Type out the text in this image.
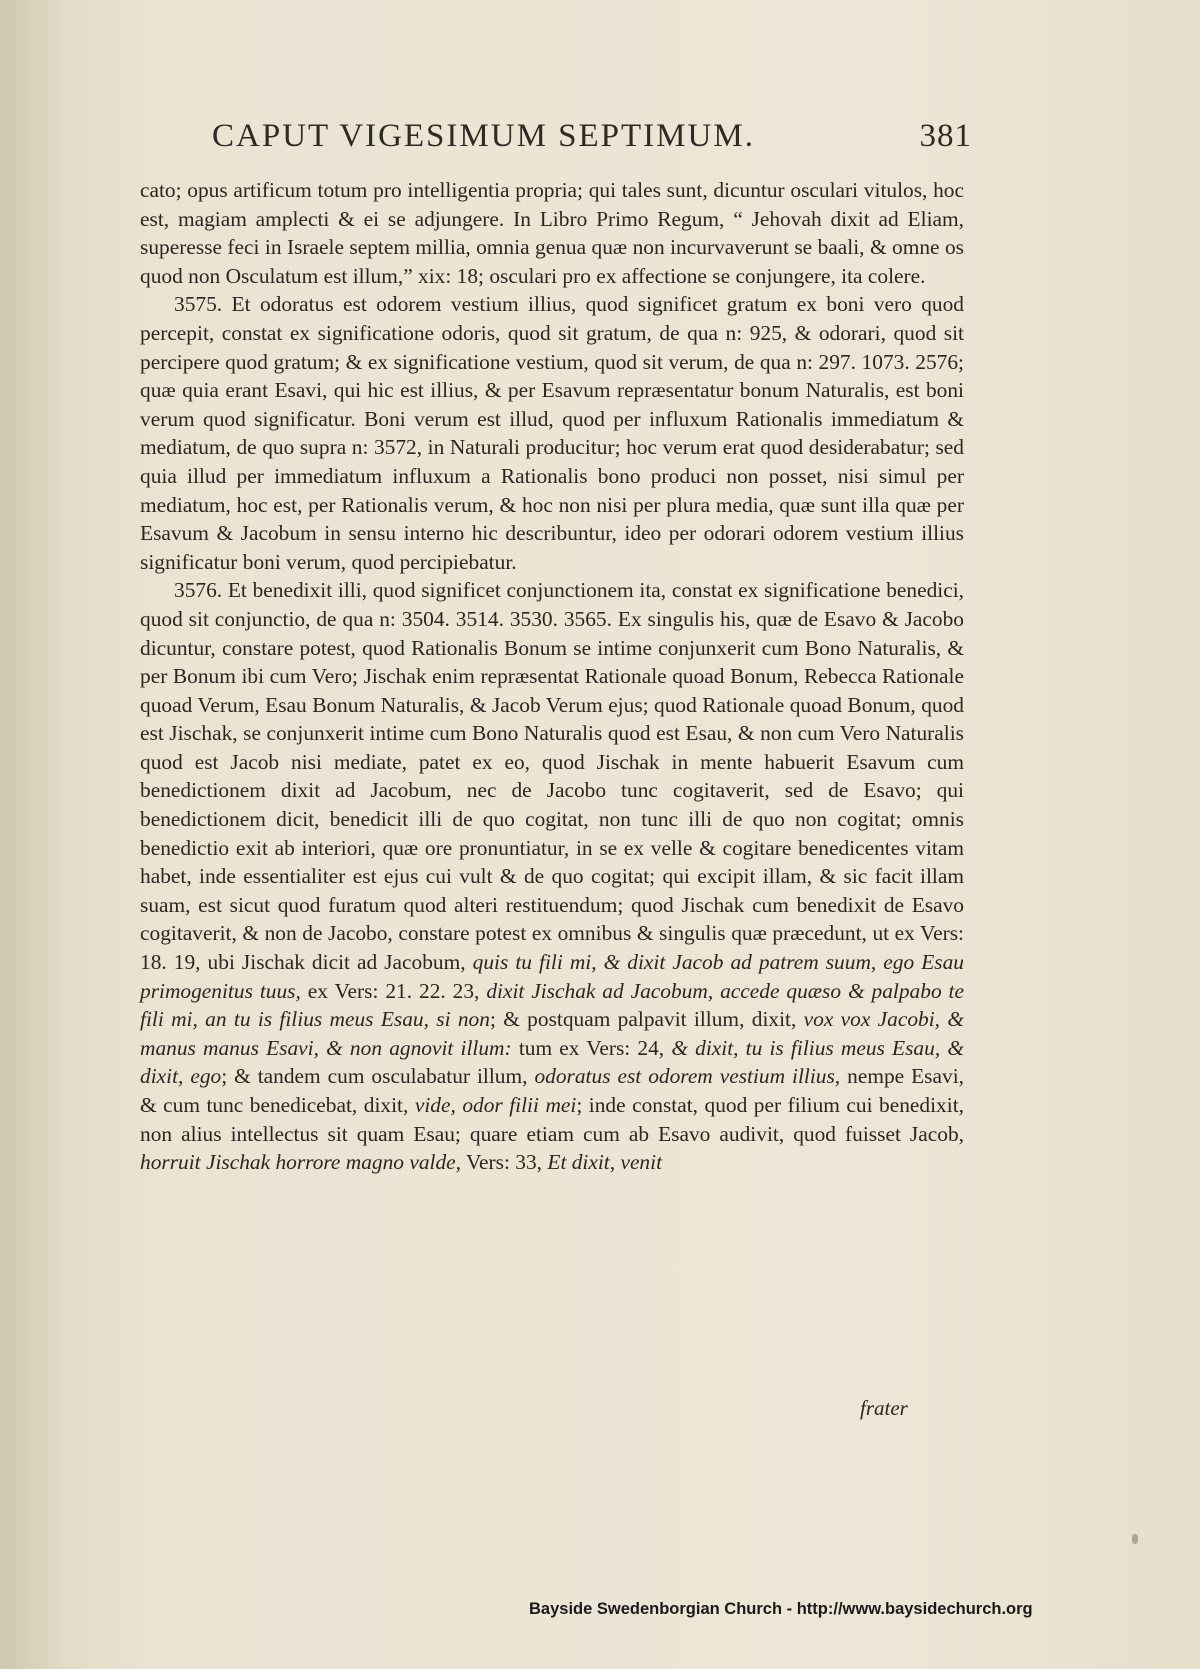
CAPUT VIGESIMUM SEPTIMUM.	381

cato; opus artificum totum pro intelligentia propria; qui tales sunt, dicuntur osculari vitulos, hoc est, magiam amplecti & ei se adjungere. In Libro Primo Regum, “ Jehovah dixit ad Eliam, superesse feci in Israele septem millia, omnia genua quæ non incurvaverunt se baali, & omne os quod non Osculatum est illum,” xix: 18; osculari pro ex affectione se conjungere, ita colere.

3575. Et odoratus est odorem vestium illius, quod significet gratum ex boni vero quod percepit, constat ex significatione odoris, quod sit gratum, de qua n: 925, & odorari, quod sit percipere quod gratum; & ex significatione vestium, quod sit verum, de qua n: 297. 1073. 2576; quæ quia erant Esavi, qui hic est illius, & per Esavum repræsentatur bonum Naturalis, est boni verum quod significatur. Boni verum est illud, quod per influxum Rationalis immediatum & mediatum, de quo supra n: 3572, in Naturali producitur; hoc verum erat quod desiderabatur; sed quia illud per immediatum influxum a Rationalis bono produci non posset, nisi simul per mediatum, hoc est, per Rationalis verum, & hoc non nisi per plura media, quæ sunt illa quæ per Esavum & Jacobum in sensu interno hic describuntur, ideo per odorari odorem vestium illius significatur boni verum, quod percipiebatur.

3576. Et benedixit illi, quod significet conjunctionem ita, constat ex significatione benedici, quod sit conjunctio, de qua n: 3504. 3514. 3530. 3565. Ex singulis his, quæ de Esavo & Jacobo dicuntur, constare potest, quod Rationalis Bonum se intime conjunxerit cum Bono Naturalis, & per Bonum ibi cum Vero; Jischak enim repræsentat Rationale quoad Bonum, Rebecca Rationale quoad Verum, Esau Bonum Naturalis, & Jacob Verum ejus; quod Rationale quoad Bonum, quod est Jischak, se conjunxerit intime cum Bono Naturalis quod est Esau, & non cum Vero Naturalis quod est Jacob nisi mediate, patet ex eo, quod Jischak in mente habuerit Esavum cum benedictionem dixit ad Jacobum, nec de Jacobo tunc cogitaverit, sed de Esavo; qui benedictionem dicit, benedicit illi de quo cogitat, non tunc illi de quo non cogitat; omnis benedictio exit ab interiori, quæ ore pronuntiatur, in se ex velle & cogitare benedicentes vitam habet, inde essentialiter est ejus cui vult & de quo cogitat; qui excipit illam, & sic facit illam suam, est sicut quod furatum quod alteri restituendum; quod Jischak cum benedixit de Esavo cogitaverit, & non de Jacobo, constare potest ex omnibus & singulis quæ præcedunt, ut ex Vers: 18. 19, ubi Jischak dicit ad Jacobum, quis tu fili mi, & dixit Jacob ad patrem suum, ego Esau primogenitus tuus, ex Vers: 21. 22. 23, dixit Jischak ad Jacobum, accede quæso & palpabo te fili mi, an tu is filius meus Esau, si non; & postquam palpavit illum, dixit, vox vox Jacobi, & manus manus Esavi, & non agnovit illum: tum ex Vers: 24, & dixit, tu is filius meus Esau, & dixit, ego; & tandem cum osculabatur illum, odoratus est odorem vestium illius, nempe Esavi, & cum tunc benedicebat, dixit, vide, odor filii mei; inde constat, quod per filium cui benedixit, non alius intellectus sit quam Esau; quare etiam cum ab Esavo audivit, quod fuisset Jacob, horruit Jischak horrore magno valde, Vers: 33, Et dixit, venit

frater
Bayside Swedenborgian Church - http://www.baysidechurch.org
